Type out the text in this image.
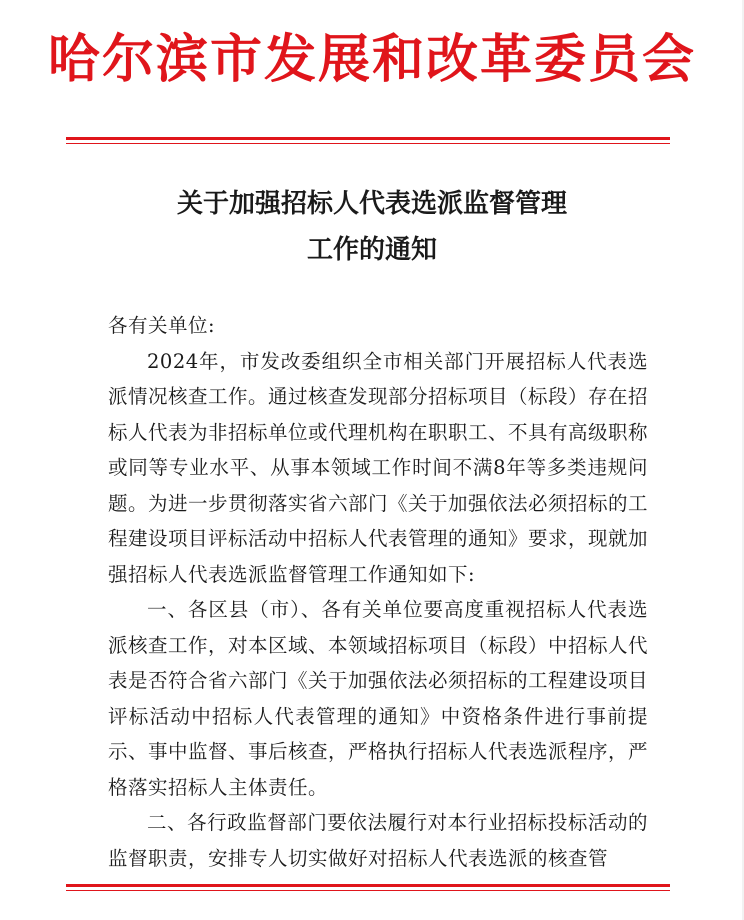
哈尔滨市发展和改革委员会
关于加强招标人代表选派监督管理
工作的通知

各有关单位:

2024年，市发改委组织全市相关部门开展招标人代表选派情况核查工作。通过核查发现部分招标项目（标段）存在招标人代表为非招标单位或代理机构在职职工、不具有高级职称或同等专业水平、从事本领域工作时间不满8年等多类违规问题。为进一步贯彻落实省六部门《关于加强依法必须招标的工程建设项目评标活动中招标人代表管理的通知》要求，现就加强招标人代表选派监督管理工作通知如下:

一、各区县（市）、各有关单位要高度重视招标人代表选派核查工作，对本区域、本领域招标项目（标段）中招标人代表是否符合省六部门《关于加强依法必须招标的工程建设项目评标活动中招标人代表管理的通知》中资格条件进行事前提示、事中监督、事后核查，严格执行招标人代表选派程序，严格落实招标人主体责任。

二、各行政监督部门要依法履行对本行业招标投标活动的监督职责，安排专人切实做好对招标人代表选派的核查管
